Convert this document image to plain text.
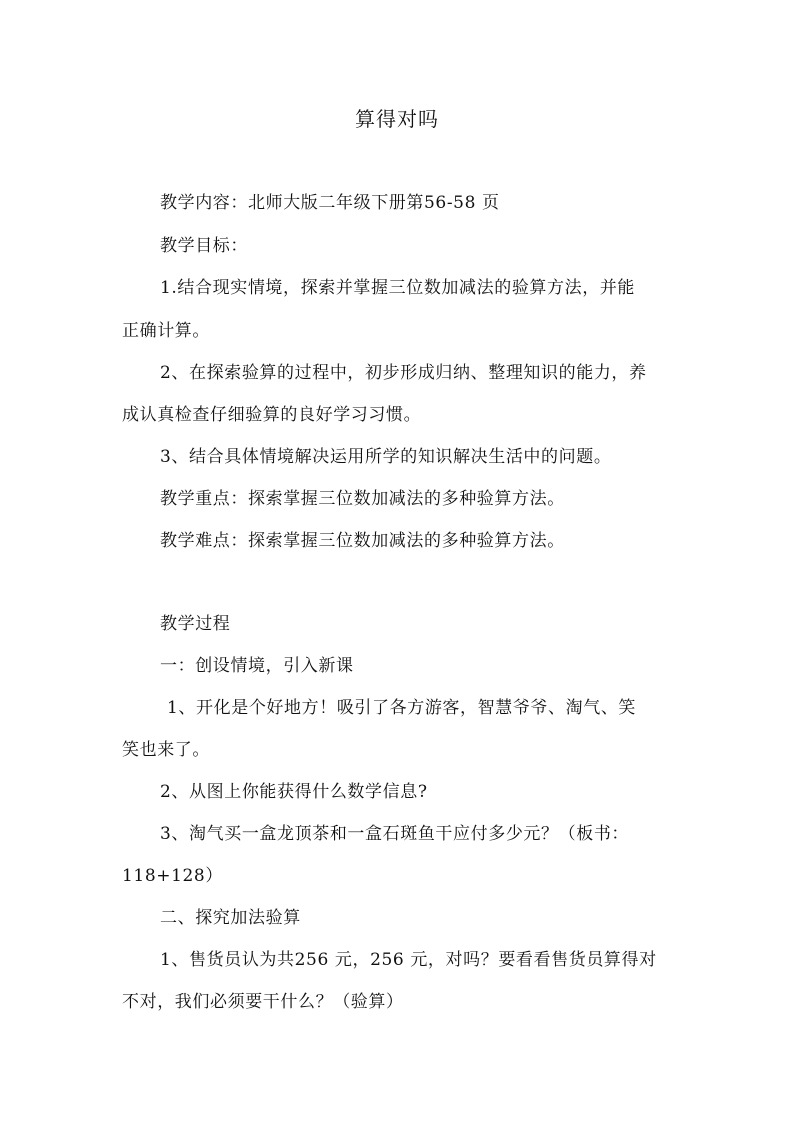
算得对吗
教学内容：北师大版二年级下册第56-58 页
教学目标：
1.结合现实情境，探索并掌握三位数加减法的验算方法，并能
正确计算。
2、在探索验算的过程中，初步形成归纳、整理知识的能力，养
成认真检查仔细验算的良好学习习惯。
3、结合具体情境解决运用所学的知识解决生活中的问题。
教学重点：探索掌握三位数加减法的多种验算方法。
教学难点：探索掌握三位数加减法的多种验算方法。
教学过程
一：创设情境，引入新课
1、开化是个好地方！吸引了各方游客，智慧爷爷、淘气、笑
笑也来了。
2、从图上你能获得什么数学信息?
3、淘气买一盒龙顶茶和一盒石斑鱼干应付多少元？（板书：
118+128）
二、探究加法验算
1、售货员认为共256 元，256 元，对吗？要看看售货员算得对
不对，我们必须要干什么？（验算）
